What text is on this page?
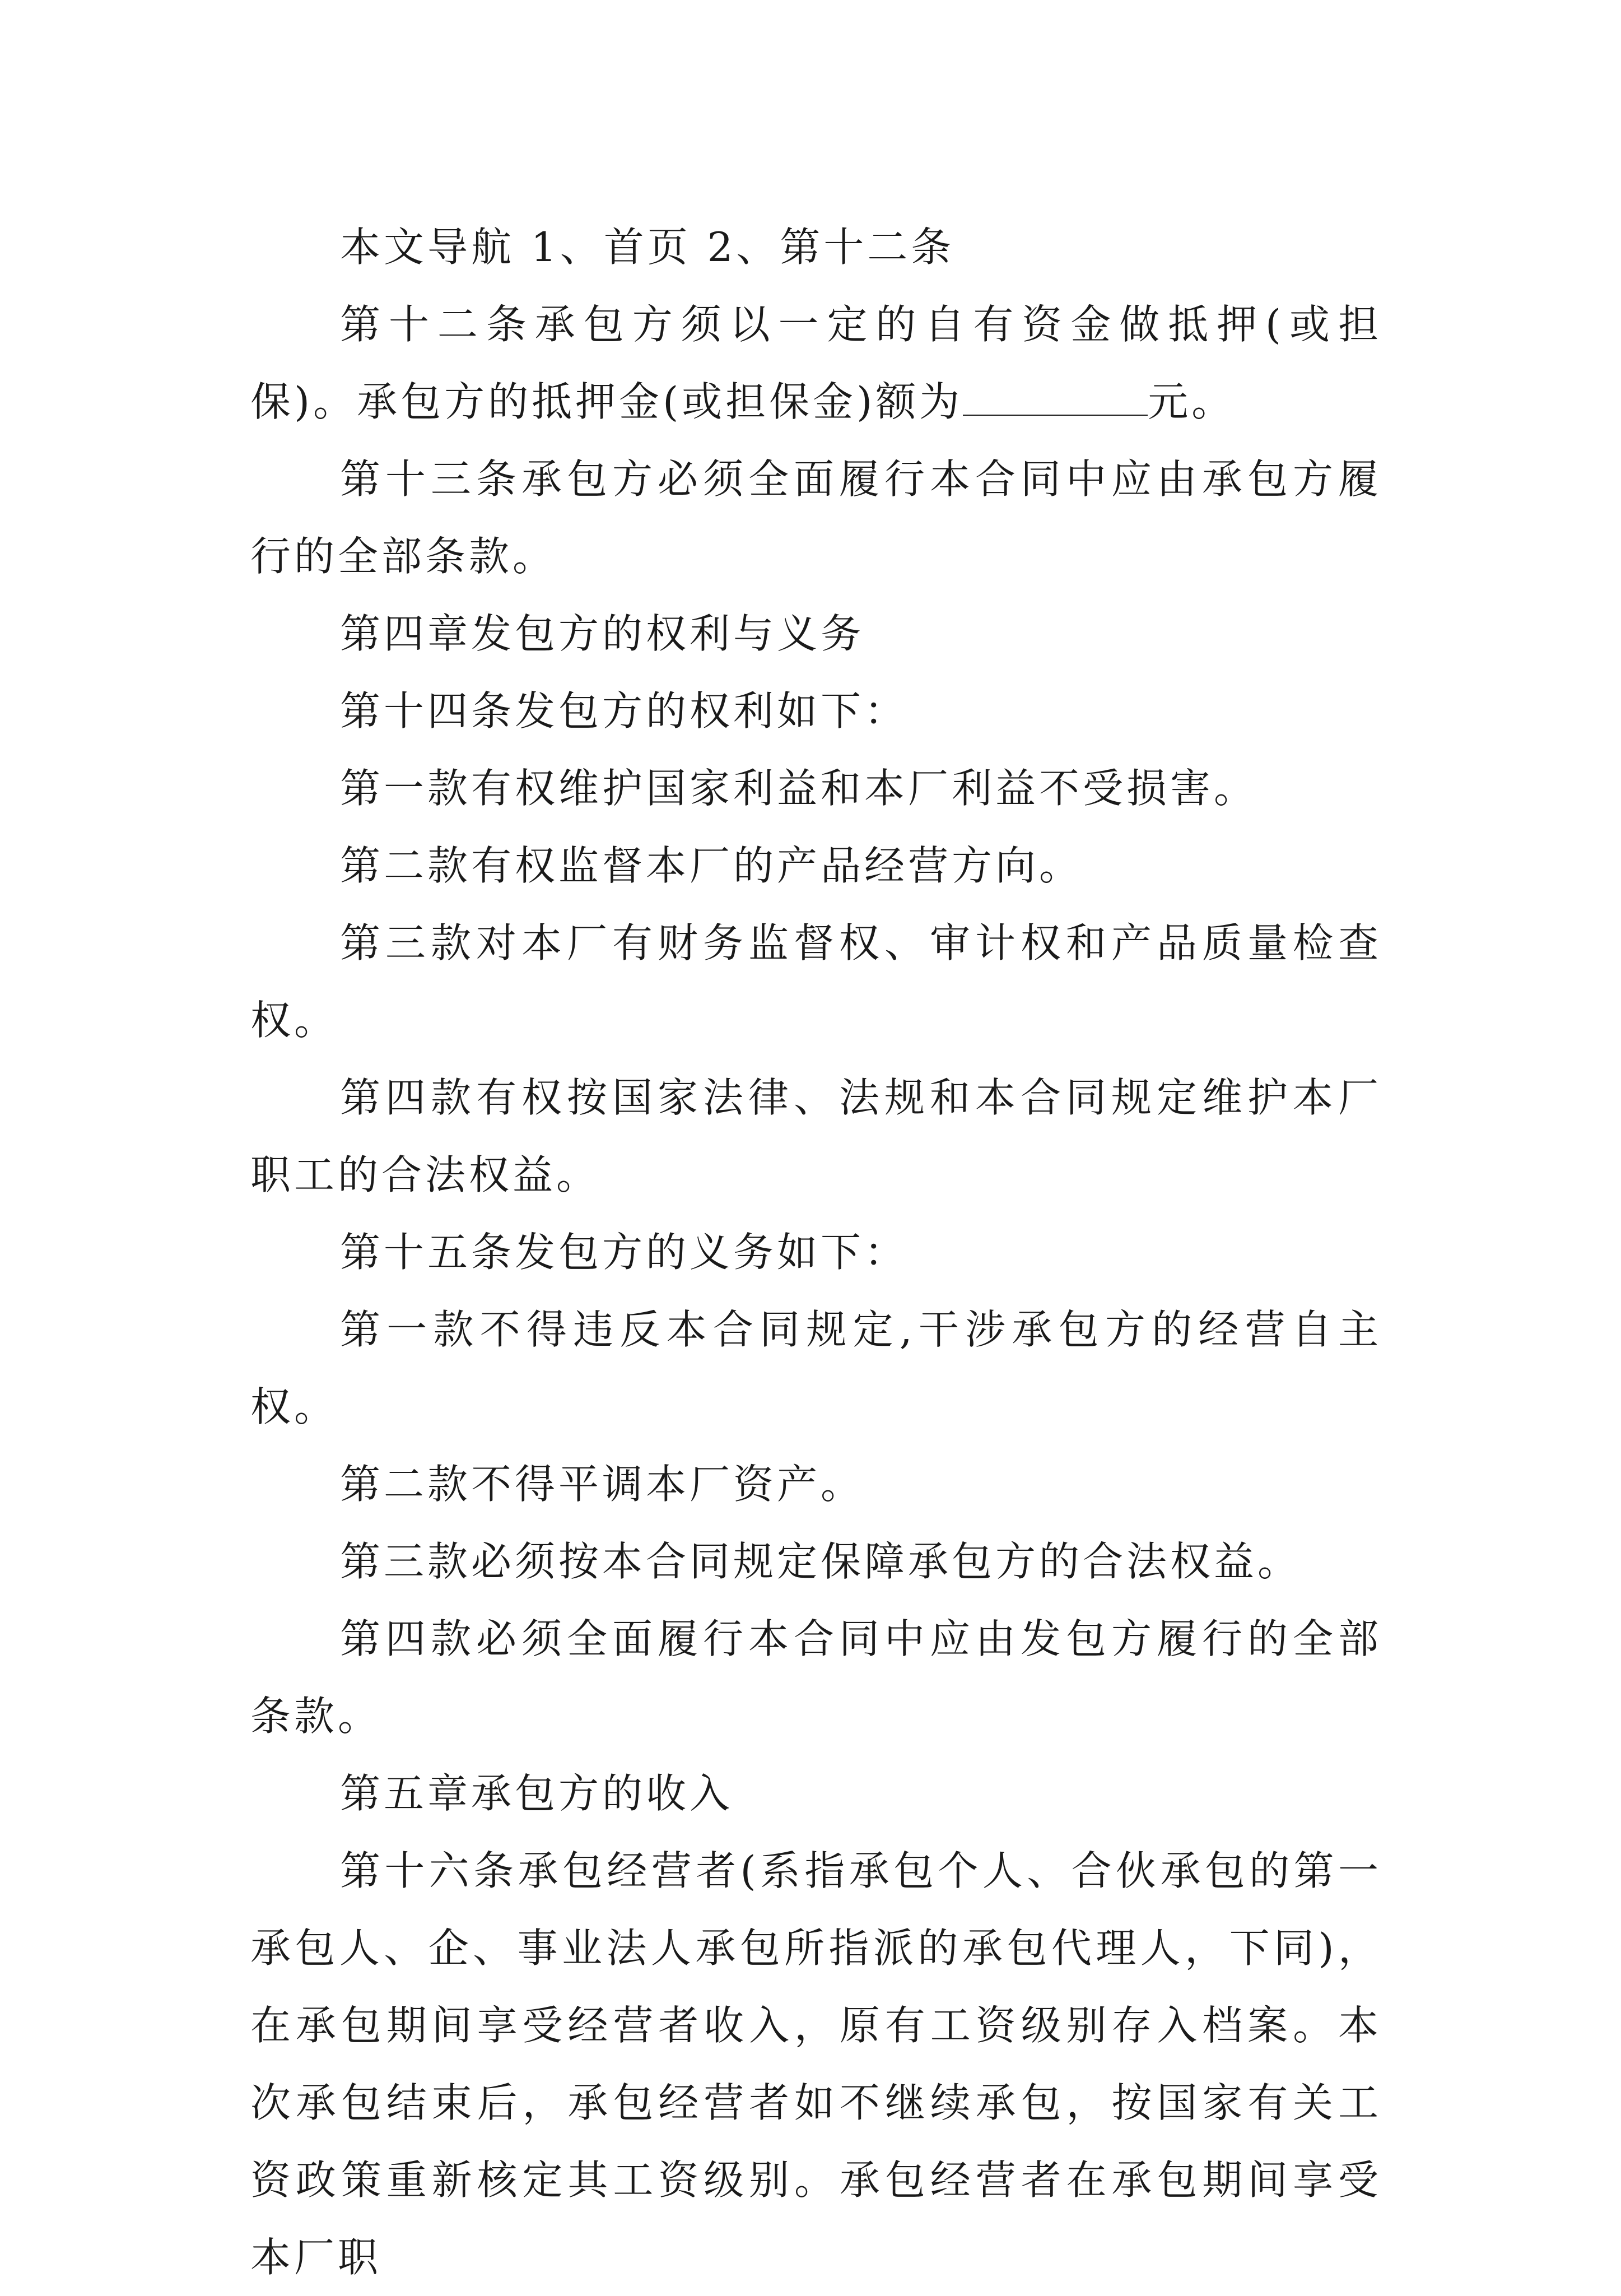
本文导航 1、首页 2、第十二条

第十二条承包方须以一定的自有资金做抵押(或担保)。承包方的抵押金(或担保金)额为	元。

第十三条承包方必须全面履行本合同中应由承包方履行的全部条款。

第四章发包方的权利与义务

第十四条发包方的权利如下：

第一款有权维护国家利益和本厂利益不受损害。

第二款有权监督本厂的产品经营方向。

第三款对本厂有财务监督权、审计权和产品质量检查权。

第四款有权按国家法律、法规和本合同规定维护本厂职工的合法权益。

第十五条发包方的义务如下：

第一款不得违反本合同规定,干涉承包方的经营自主权。

第二款不得平调本厂资产。

第三款必须按本合同规定保障承包方的合法权益。

第四款必须全面履行本合同中应由发包方履行的全部条款。

第五章承包方的收入

第十六条承包经营者(系指承包个人、合伙承包的第一承包人、企、事业法人承包所指派的承包代理人，下同)，在承包期间享受经营者收入，原有工资级别存入档案。本次承包结束后，承包经营者如不继续承包，按国家有关工资政策重新核定其工资级别。承包经营者在承包期间享受本厂职
